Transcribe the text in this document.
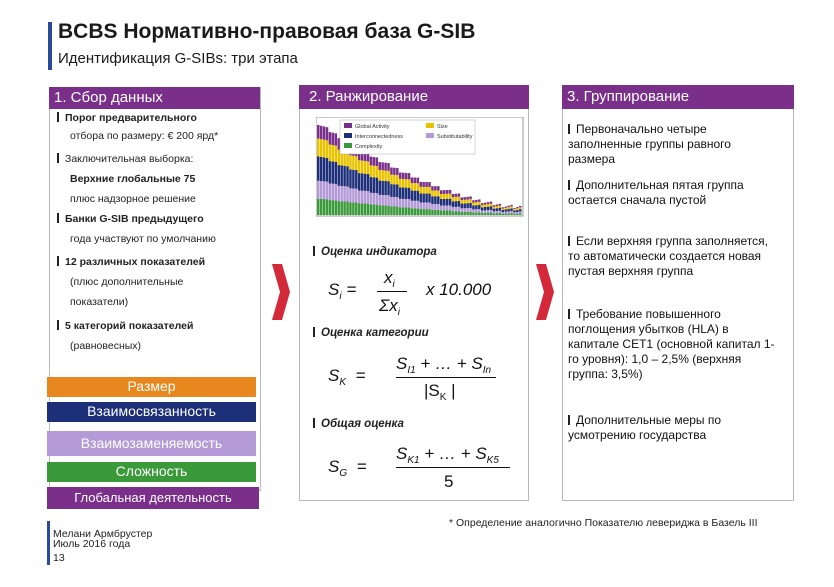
BCBS Нормативно-правовая база G-SIB
Идентификация G-SIBs: три этапа
1. Сбор данных
Порог предварительного
отбора по размеру: € 200 ярд*
Заключительная выборка:
Верхние глобальные 75
плюс надзорное решение
Банки G-SIB предыдущего
года участвуют по умолчанию
12 различных показателей
(плюс дополнительные
показатели)
5 категорий показателей
(равновесных)
Размер
Взаимосвязанность
Взаимозаменяемость
Сложность
Глобальная деятельность
2. Ранжирование
Global Activity	Size
Interconnectedness	Substitutability
Complexity
Оценка индикатора
$S_i$ =
$x_i$
$\Sigma x_i$
x 10.000
Оценка категории
$S_K$ =
$S_{I1}$ + … + $S_{In}$
$|S_K$ |
Общая оценка
$S_G$ =
$S_{K1}$ + … + $S_{K5}$
5
3. Группирование
Первоначально четыре заполненные группы равного размера
Дополнительная пятая группа остается сначала пустой
Если верхняя группа заполняется, то автоматически создается новая пустая верхняя группа
Требование повышенного поглощения убытков (HLA) в капитале CET1 (основной капитал 1-го уровня): 1,0 – 2,5% (верхняя группа: 3,5%)
Дополнительные меры по усмотрению государства
Мелани Армбрустер
Июль 2016 года
13
* Определение аналогично Показателю левериджа в Базель III
